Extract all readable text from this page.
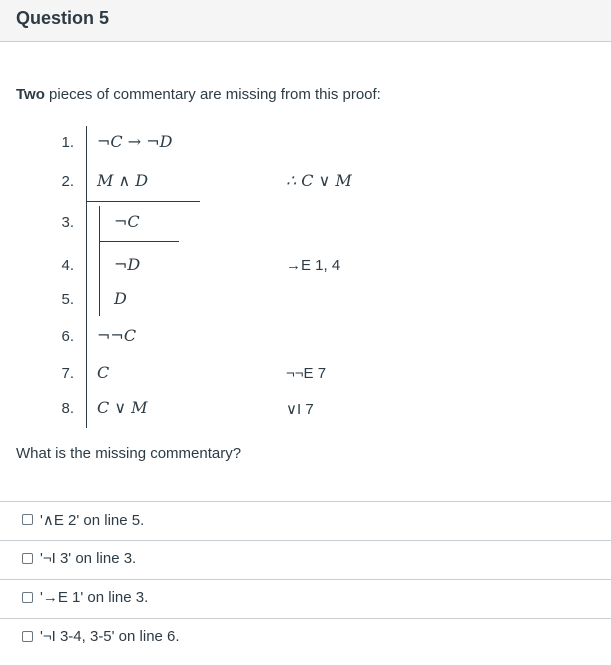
Question 5
Two pieces of commentary are missing from this proof:
1.
2.
3.
4.
5.
6.
7.
8.
¬C → ¬D
M ∧ D
¬C
¬D
D
¬¬C
C
C ∨ M
∴ C ∨ M
→E 1, 4
¬¬E 7
∨I 7
What is the missing commentary?
'∧E 2' on line 5.
'¬I 3' on line 3.
'→E 1' on line 3.
'¬I 3-4, 3-5' on line 6.
